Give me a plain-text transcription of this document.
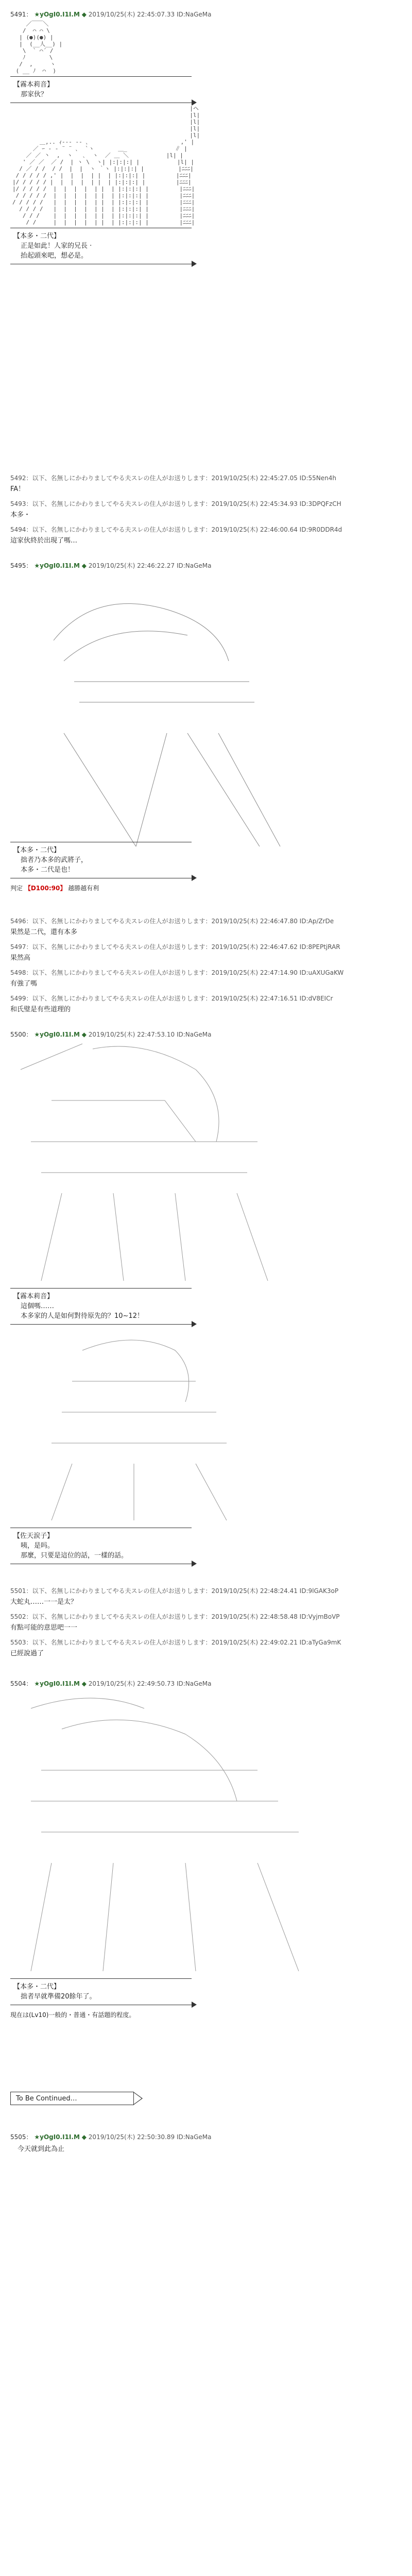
5491： ★yOgI0.I1I.M ◆ 2019/10/25(木) 22:45:07.33 ID:NaGeMa
／￣￣＼
/  ⌒ ⌒ \
| (●)(●) |
|  (__人__) |
\  ` ⌒´ /
ﾉ       \
/  ,     ヽ
( __ ﾉ  ⌒  )
【霧本莉音】
那家伙？
|ヘ
|l|
|l|
|l|
|l|
＿,.. ｨ--- -- ､                           ,' |
／ ｰ ‐ ‐ ¨ ¨ ､  `ヽ       ＿_              ∥ |
／ ／ 丶  ,  ヽ   ､  ヽ  ／ ＿ ＼           |l| |
' ／ ／  ／ /  | ヽ \  ヽ| |:|:|:| |           |l| |
/ ／ / /  / /  |  |  ヽ ｀ヽ |:|:|:| |          |ﾆﾆﾆ|
/ / / / / ,' |  |  |  | |  | |:|:|:| |         |ﾆﾆﾆ|
|/ / / / / |  |  |  |  | |  | |:|:|:| |         |ﾆﾆﾆ|
|/ / / / /  |  |  |  |  | |  | |:|:|:| |         |ﾆﾆﾆ|
/ / / / /  |  |  |  |  | |  | |:|:|:| |         |ﾆﾆﾆ|
/ / / / /   |  |  |  |  | |  | |:|:|:| |         |ﾆﾆﾆ|
/ / / /   |  |  |  |  | |  | |:|:|:| |         |ﾆﾆﾆ|
/ / /    |  |  |  |  | |  | |:|:|:| |         |ﾆﾆﾆ|
/ /     |  |  |  |  | |  | |:|:|:| |         |ﾆﾆﾆ|
【本多・二代】
正是如此！人家的兄長 ·
抬起頭來吧，想必是。
5492：以下、名無しにかわりましてやる夫スレの住人がお送りします：2019/10/25(木) 22:45:27.05 ID:55Nen4h
FA！
5493：以下、名無しにかわりましてやる夫スレの住人がお送りします：2019/10/25(木) 22:45:34.93 ID:3DPQFzCH
本多・
5494：以下、名無しにかわりましてやる夫スレの住人がお送りします：2019/10/25(木) 22:46:00.64 ID:9R0DDR4d
這家伙終於出現了嗎…
5495： ★yOgI0.I1I.M ◆ 2019/10/25(木) 22:46:22.27 ID:NaGeMa

【本多・二代】
拙者乃本多的武將子，
本多・二代是也！
判定 【D100:90】 越勝越有利
5496：以下、名無しにかわりましてやる夫スレの住人がお送りします：2019/10/25(木) 22:46:47.80 ID:Ap/ZrDe
果然是二代，還有本多
5497：以下、名無しにかわりましてやる夫スレの住人がお送りします：2019/10/25(木) 22:46:47.62 ID:8PEPtjRAR
果然高
5498：以下、名無しにかわりましてやる夫スレの住人がお送りします：2019/10/25(木) 22:47:14.90 ID:uAXUGaKW
有強了嗎
5499：以下、名無しにかわりましてやる夫スレの住人がお送りします：2019/10/25(木) 22:47:16.51 ID:dV8EICr
和氏璧是有些道理的
5500： ★yOgI0.I1I.M ◆ 2019/10/25(木) 22:47:53.10 ID:NaGeMa
【霧本莉音】
這個嗎……
本多家的人是如何對待原先的？10∼12！
【佐天涙子】
咦，是吗。
那麼，只要是這位的話，一樣的話。
5501：以下、名無しにかわりましてやる夫スレの住人がお送りします：2019/10/25(木) 22:48:24.41 ID:9lGAK3oP
大蛇丸……一一是太？
5502：以下、名無しにかわりましてやる夫スレの住人がお送りします：2019/10/25(木) 22:48:58.48 ID:VyjmBoVP
有點可能的意思吧一一
5503：以下、名無しにかわりましてやる夫スレの住人がお送りします：2019/10/25(木) 22:49:02.21 ID:aTyGa9mK
已經說過了
5504： ★yOgI0.I1I.M ◆ 2019/10/25(木) 22:49:50.73 ID:NaGeMa
【本多・二代】
拙者早就準備20餘年了。
現在は(Lv10)一般的・普通・有話題的程度。
To Be Continued…
5505： ★yOgI0.I1I.M ◆ 2019/10/25(木) 22:50:30.89 ID:NaGeMa
今天就到此為止
